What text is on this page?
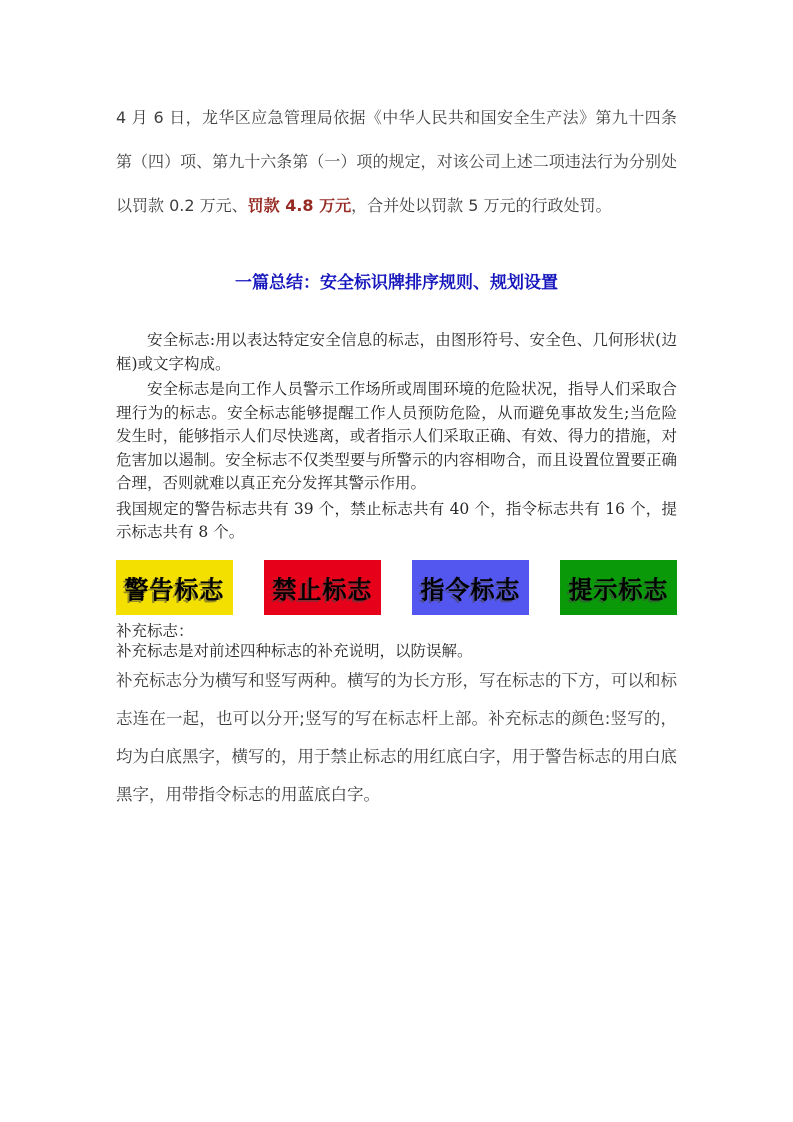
4 月 6 日，龙华区应急管理局依据《中华人民共和国安全生产法》第九十四条第（四）项、第九十六条第（一）项的规定，对该公司上述二项违法行为分别处以罚款 0.2 万元、罚款 4.8 万元，合并处以罚款 5 万元的行政处罚。

一篇总结：安全标识牌排序规则、规划设置

安全标志:用以表达特定安全信息的标志，由图形符号、安全色、几何形状(边框)或文字构成。

安全标志是向工作人员警示工作场所或周围环境的危险状况，指导人们采取合理行为的标志。安全标志能够提醒工作人员预防危险，从而避免事故发生;当危险发生时，能够指示人们尽快逃离，或者指示人们采取正确、有效、得力的措施，对危害加以遏制。安全标志不仅类型要与所警示的内容相吻合，而且设置位置要正确合理，否则就难以真正充分发挥其警示作用。

我国规定的警告标志共有 39 个，禁止标志共有 40 个，指令标志共有 16 个，提示标志共有 8 个。

警告标志 禁止标志 指令标志 提示标志

补充标志：

补充标志是对前述四种标志的补充说明，以防误解。

补充标志分为横写和竖写两种。横写的为长方形，写在标志的下方，可以和标志连在一起，也可以分开;竖写的写在标志杆上部。补充标志的颜色:竖写的，均为白底黑字，横写的，用于禁止标志的用红底白字，用于警告标志的用白底黑字，用带指令标志的用蓝底白字。
